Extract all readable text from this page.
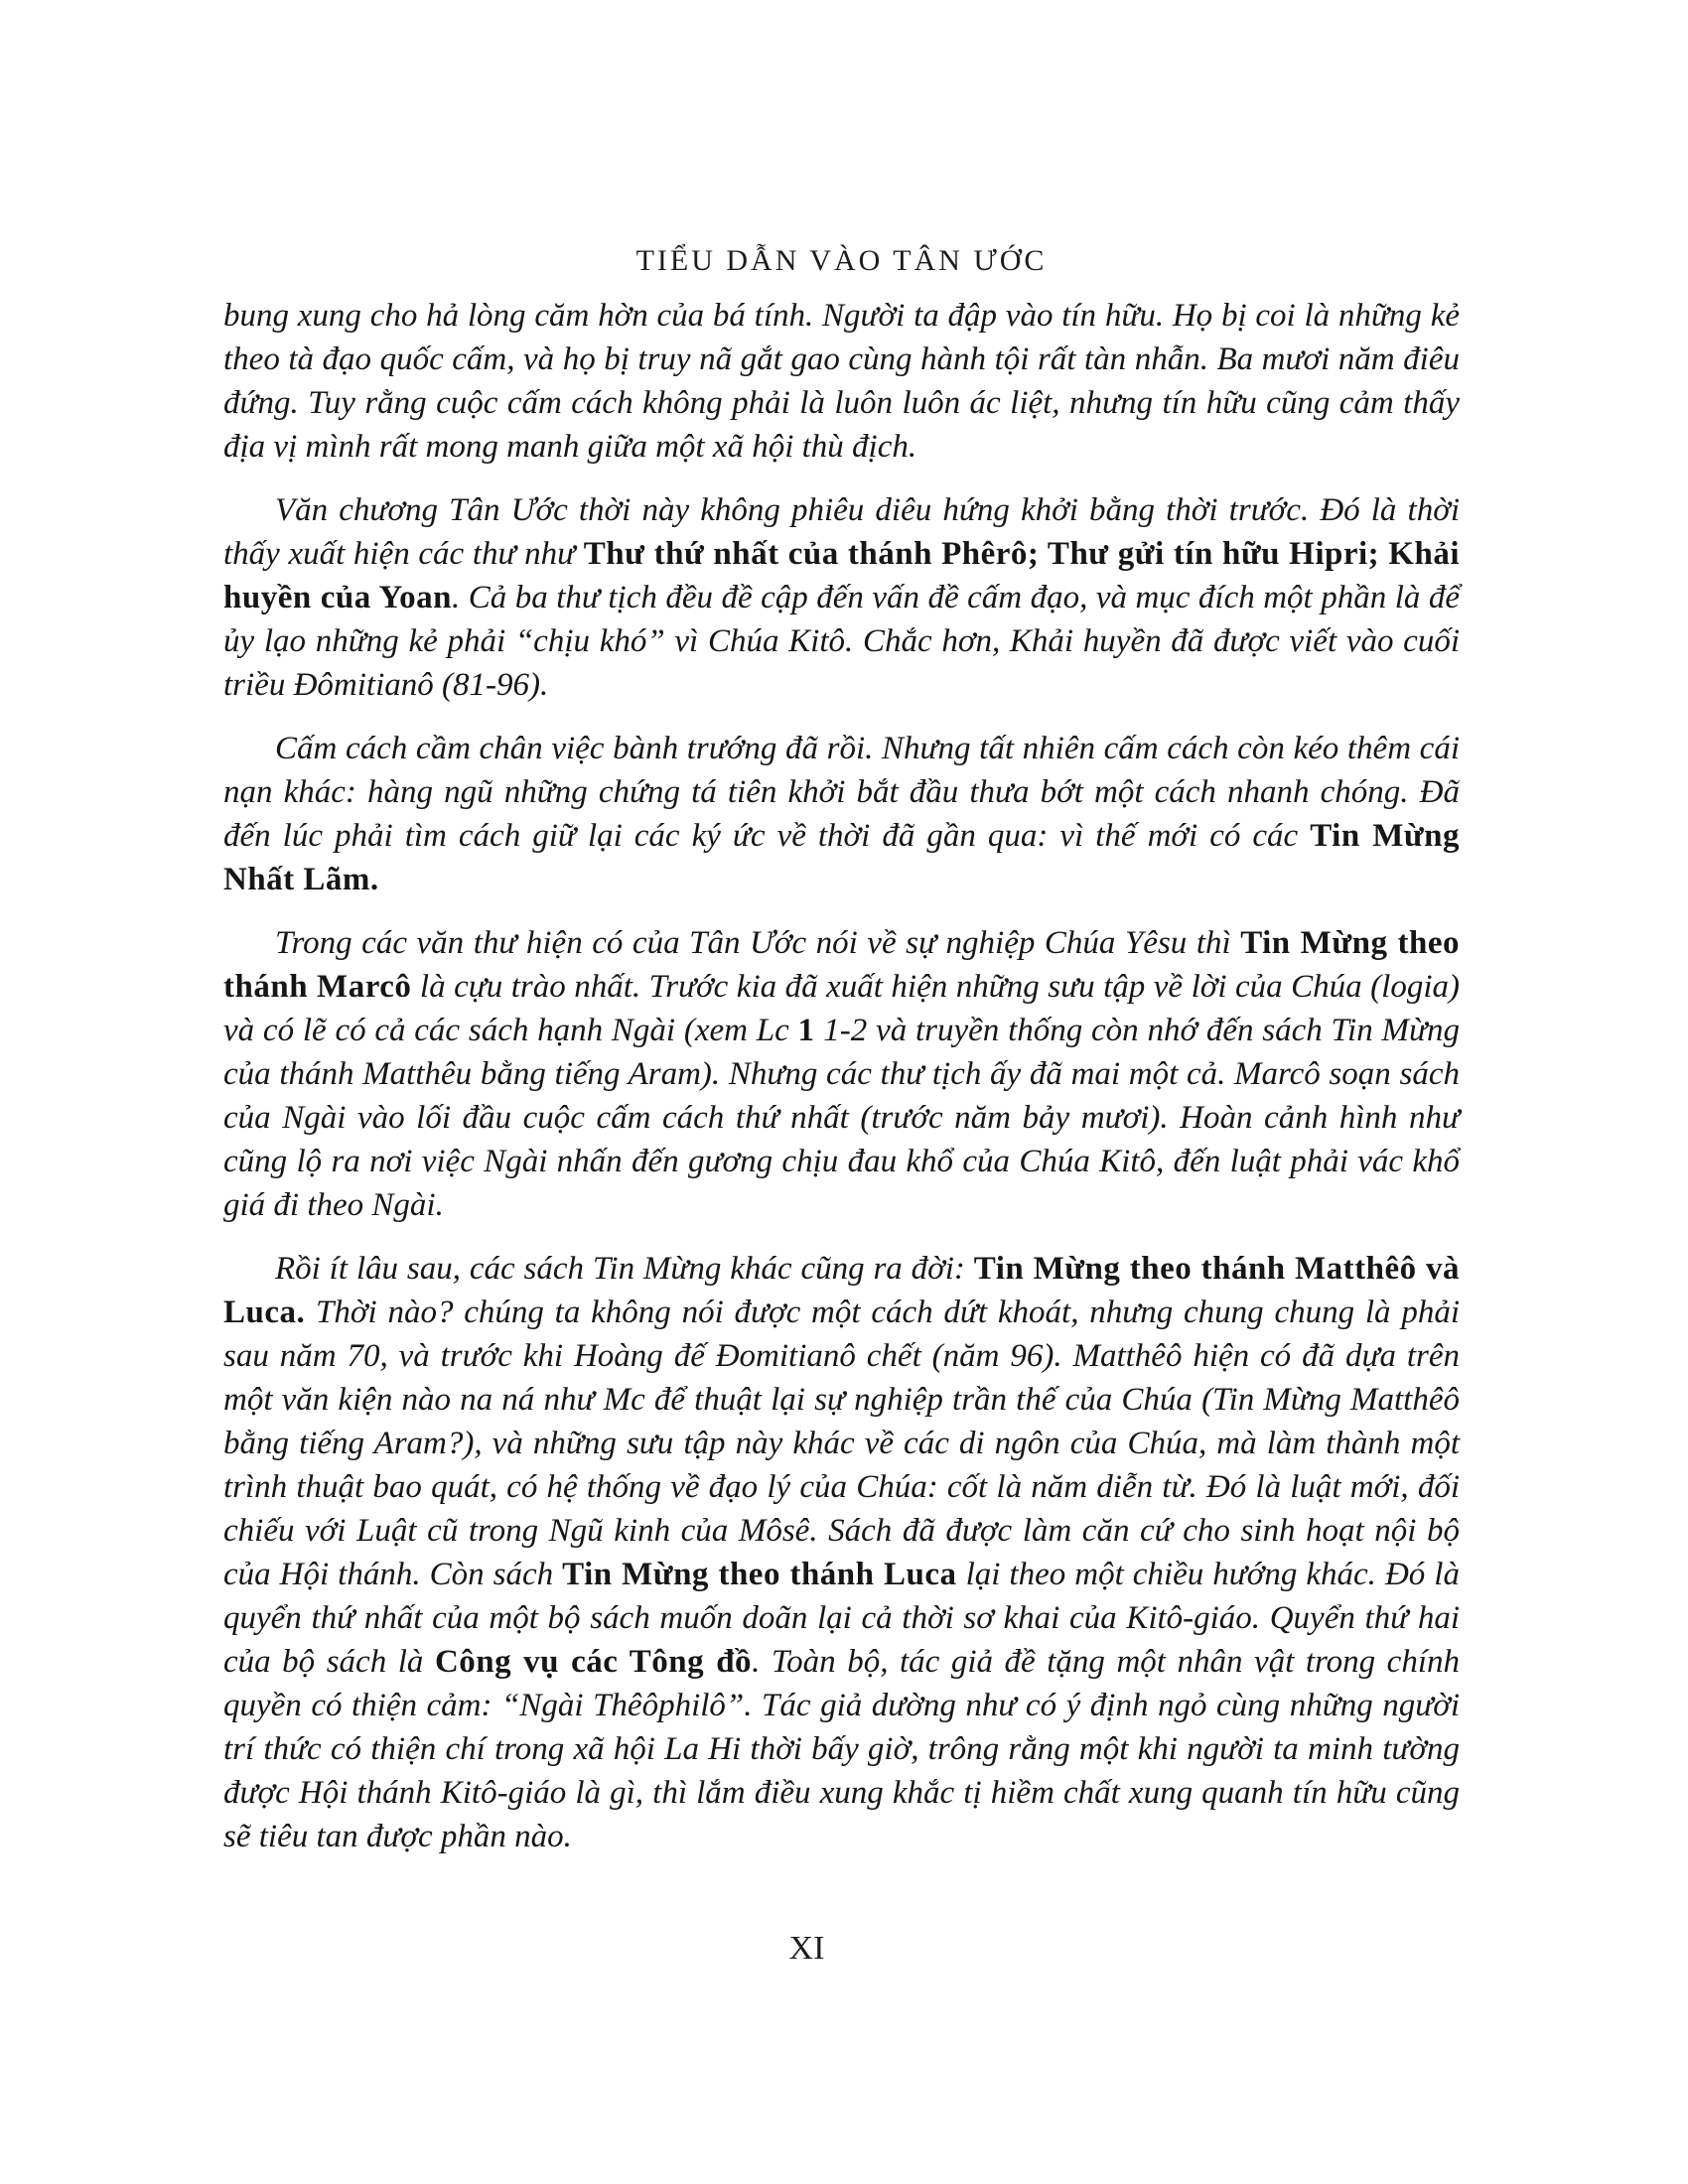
TIỂU DẪN VÀO TÂN ƯỚC

bung xung cho hả lòng căm hờn của bá tính. Người ta đập vào tín hữu. Họ bị coi là những kẻ theo tà đạo quốc cấm, và họ bị truy nã gắt gao cùng hành tội rất tàn nhẫn. Ba mươi năm điêu đứng. Tuy rằng cuộc cấm cách không phải là luôn luôn ác liệt, nhưng tín hữu cũng cảm thấy địa vị mình rất mong manh giữa một xã hội thù địch.

Văn chương Tân Ước thời này không phiêu diêu hứng khởi bằng thời trước. Đó là thời thấy xuất hiện các thư như Thư thứ nhất của thánh Phêrô; Thư gửi tín hữu Hipri; Khải huyền của Yoan. Cả ba thư tịch đều đề cập đến vấn đề cấm đạo, và mục đích một phần là để ủy lạo những kẻ phải “chịu khó” vì Chúa Kitô. Chắc hơn, Khải huyền đã được viết vào cuối triều Đômitianô (81-96).

Cấm cách cầm chân việc bành trướng đã rồi. Nhưng tất nhiên cấm cách còn kéo thêm cái nạn khác: hàng ngũ những chứng tá tiên khởi bắt đầu thưa bớt một cách nhanh chóng. Đã đến lúc phải tìm cách giữ lại các ký ức về thời đã gần qua: vì thế mới có các Tin Mừng Nhất Lãm.

Trong các văn thư hiện có của Tân Ước nói về sự nghiệp Chúa Yêsu thì Tin Mừng theo thánh Marcô là cựu trào nhất. Trước kia đã xuất hiện những sưu tập về lời của Chúa (logia) và có lẽ có cả các sách hạnh Ngài (xem Lc 1 1-2 và truyền thống còn nhớ đến sách Tin Mừng của thánh Matthêu bằng tiếng Aram). Nhưng các thư tịch ấy đã mai một cả. Marcô soạn sách của Ngài vào lối đầu cuộc cấm cách thứ nhất (trước năm bảy mươi). Hoàn cảnh hình như cũng lộ ra nơi việc Ngài nhấn đến gương chịu đau khổ của Chúa Kitô, đến luật phải vác khổ giá đi theo Ngài.

Rồi ít lâu sau, các sách Tin Mừng khác cũng ra đời: Tin Mừng theo thánh Matthêô và Luca. Thời nào? chúng ta không nói được một cách dứt khoát, nhưng chung chung là phải sau năm 70, và trước khi Hoàng đế Đomitianô chết (năm 96). Matthêô hiện có đã dựa trên một văn kiện nào na ná như Mc để thuật lại sự nghiệp trần thế của Chúa (Tin Mừng Matthêô bằng tiếng Aram?), và những sưu tập này khác về các di ngôn của Chúa, mà làm thành một trình thuật bao quát, có hệ thống về đạo lý của Chúa: cốt là năm diễn từ. Đó là luật mới, đối chiếu với Luật cũ trong Ngũ kinh của Môsê. Sách đã được làm căn cứ cho sinh hoạt nội bộ của Hội thánh. Còn sách Tin Mừng theo thánh Luca lại theo một chiều hướng khác. Đó là quyển thứ nhất của một bộ sách muốn doãn lại cả thời sơ khai của Kitô-giáo. Quyển thứ hai của bộ sách là Công vụ các Tông đồ. Toàn bộ, tác giả đề tặng một nhân vật trong chính quyền có thiện cảm: “Ngài Thêôphilô”. Tác giả dường như có ý định ngỏ cùng những người trí thức có thiện chí trong xã hội La Hi thời bấy giờ, trông rằng một khi người ta minh tường được Hội thánh Kitô-giáo là gì, thì lắm điều xung khắc tị hiềm chất xung quanh tín hữu cũng sẽ tiêu tan được phần nào.

XI
